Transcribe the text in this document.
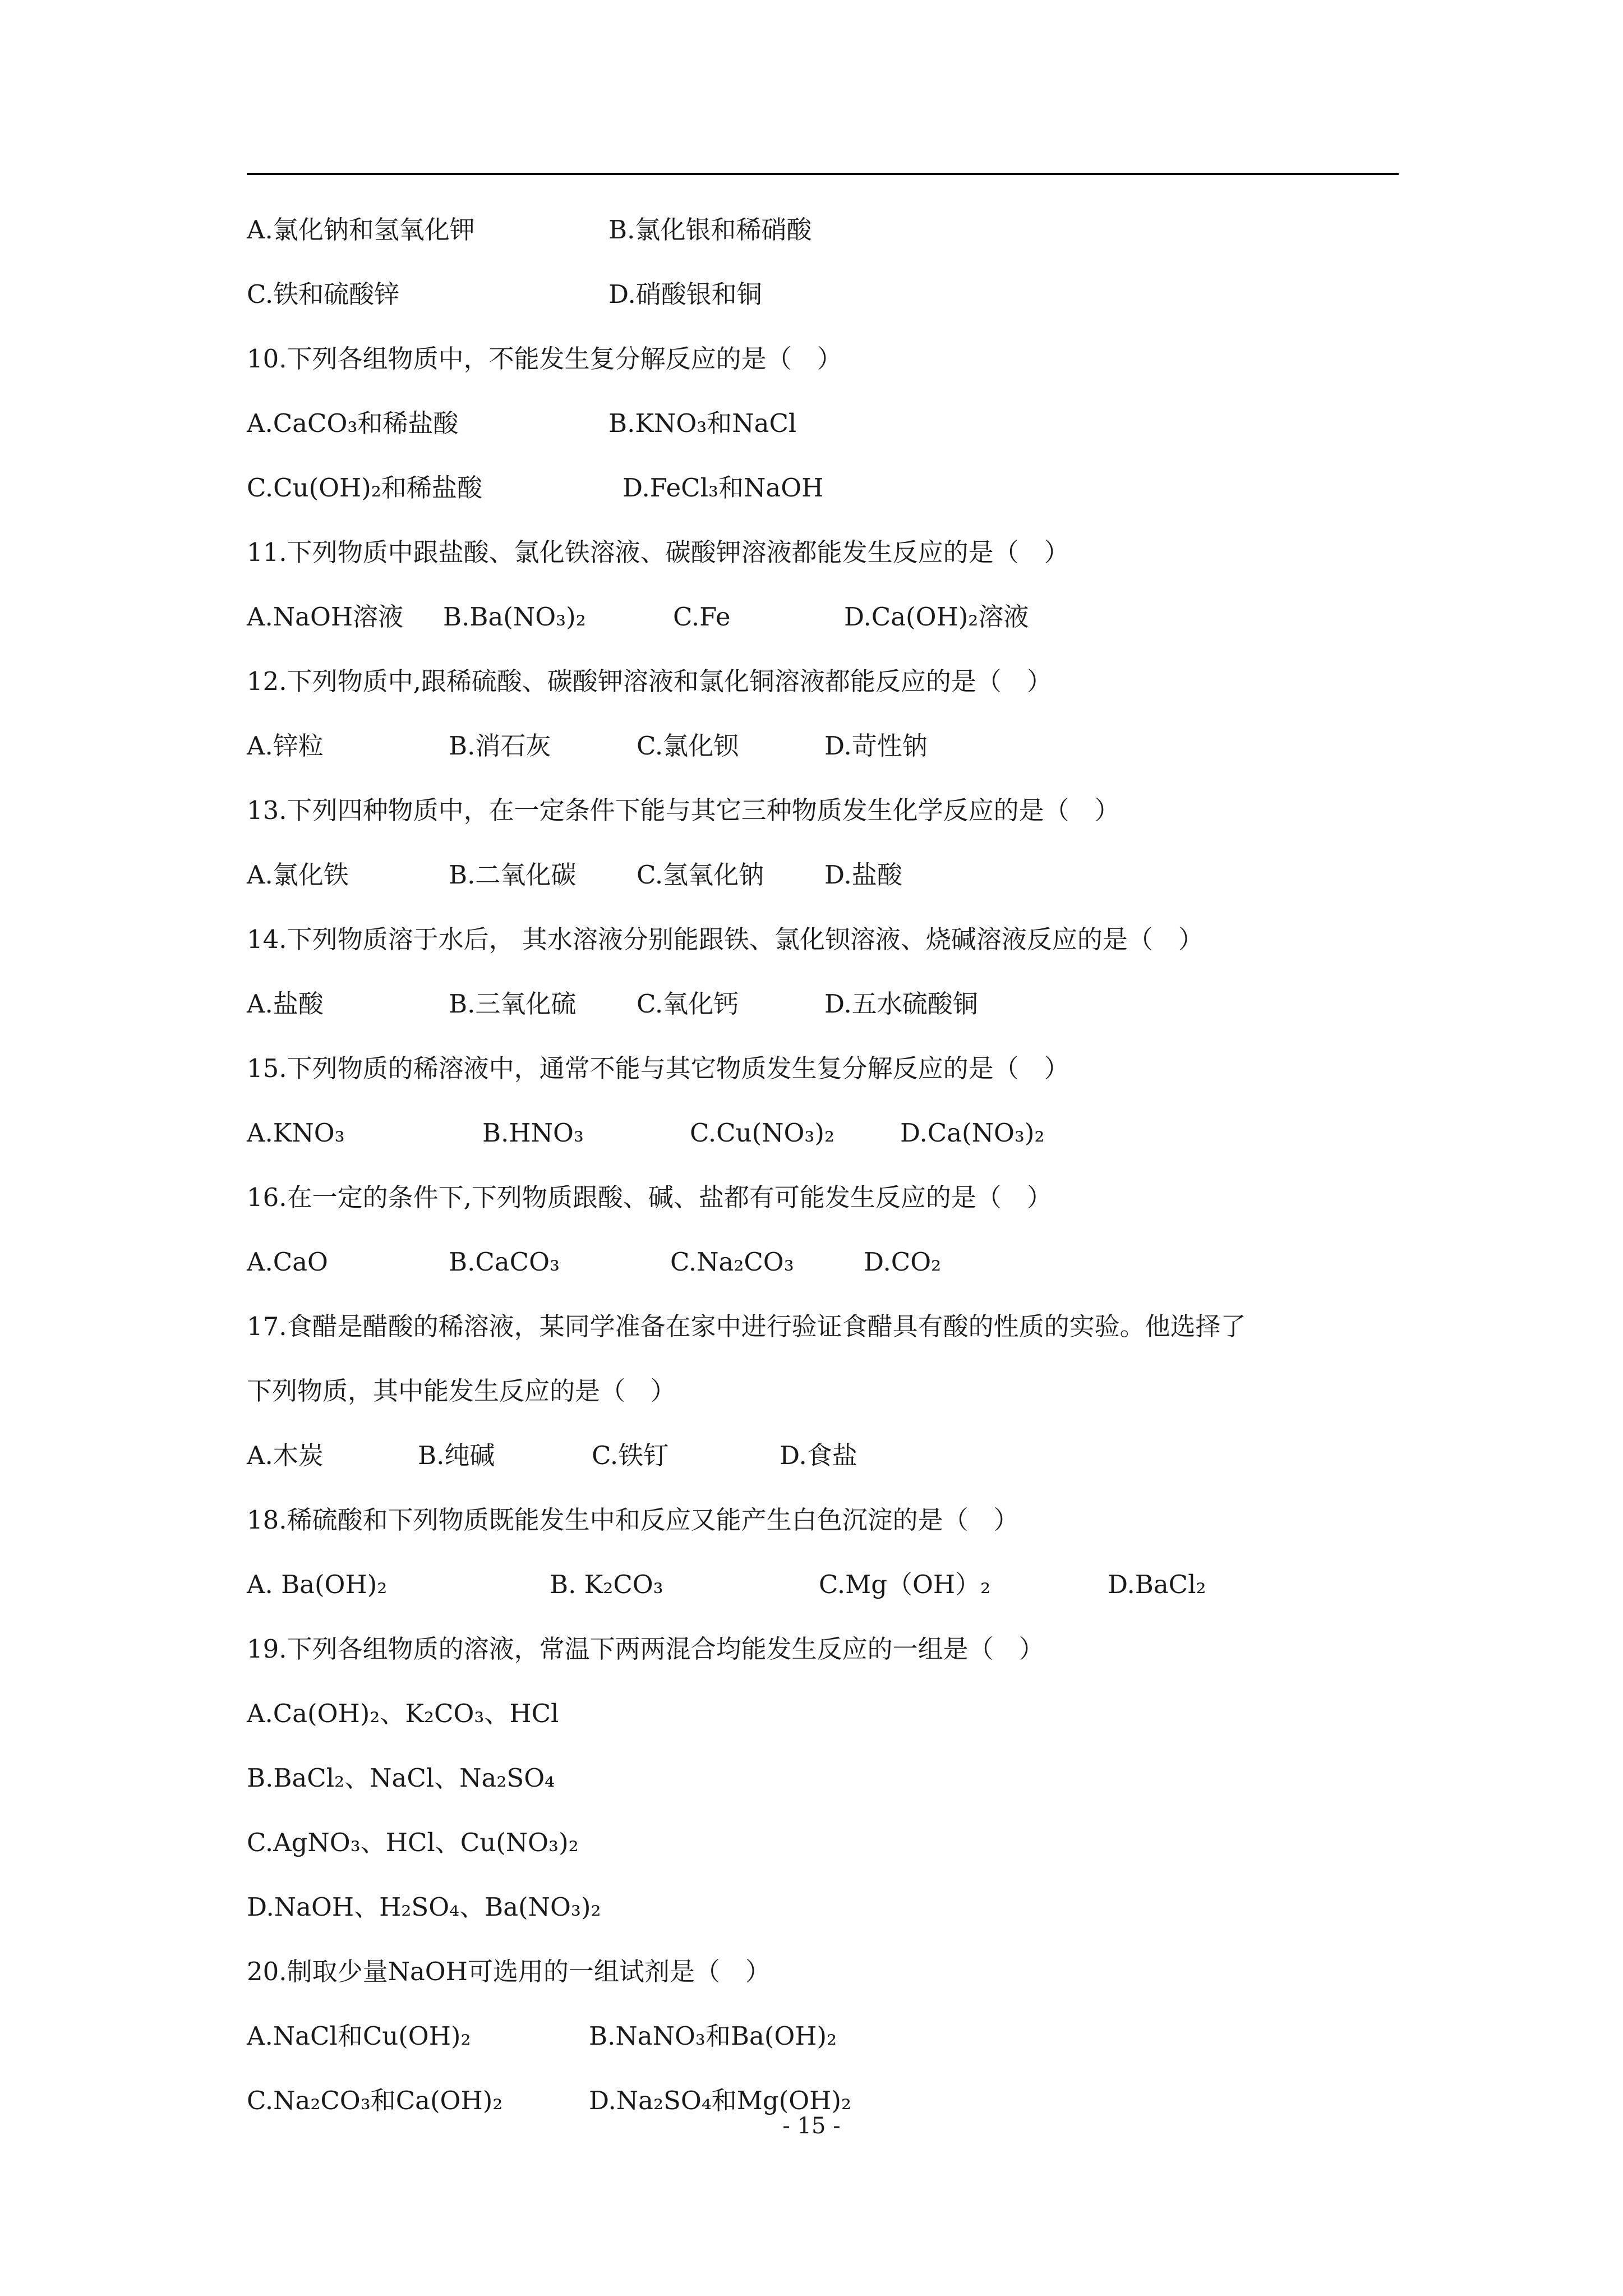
A.氯化钠和氢氧化钾	B.氯化银和稀硝酸
C.铁和硫酸锌	D.硝酸银和铜

10.下列各组物质中，不能发生复分解反应的是（　）

A.CaCO₃和稀盐酸	B.KNO₃和NaCl
C.Cu(OH)₂和稀盐酸	D.FeCl₃和NaOH

11.下列物质中跟盐酸、氯化铁溶液、碳酸钾溶液都能发生反应的是（　）

A.NaOH溶液 B.Ba(NO₃)₂	C.Fe	D.Ca(OH)₂溶液

12.下列物质中,跟稀硫酸、碳酸钾溶液和氯化铜溶液都能反应的是（　）

A.锌粒	B.消石灰	C.氯化钡	D.苛性钠

13.下列四种物质中，在一定条件下能与其它三种物质发生化学反应的是（　）

A.氯化铁	B.二氧化碳 C.氢氧化钠 D.盐酸

14.下列物质溶于水后， 其水溶液分别能跟铁、氯化钡溶液、烧碱溶液反应的是（　）

A.盐酸	B.三氧化硫 C.氧化钙	D.五水硫酸铜

15.下列物质的稀溶液中，通常不能与其它物质发生复分解反应的是（　）

A.KNO₃	B.HNO₃	C.Cu(NO₃)₂	D.Ca(NO₃)₂

16.在一定的条件下,下列物质跟酸、碱、盐都有可能发生反应的是（　）

A.CaO	B.CaCO₃	C.Na₂CO₃	D.CO₂

17.食醋是醋酸的稀溶液，某同学准备在家中进行验证食醋具有酸的性质的实验。他选择了

下列物质，其中能发生反应的是（　）

A.木炭	B.纯碱	C.铁钉	D.食盐

18.稀硫酸和下列物质既能发生中和反应又能产生白色沉淀的是（　）

A. Ba(OH)₂	B. K₂CO₃	C.Mg（OH）₂	D.BaCl₂

19.下列各组物质的溶液，常温下两两混合均能发生反应的一组是（　）

A.Ca(OH)₂、K₂CO₃、HCl

B.BaCl₂、NaCl、Na₂SO₄

C.AgNO₃、HCl、Cu(NO₃)₂

D.NaOH、H₂SO₄、Ba(NO₃)₂

20.制取少量NaOH可选用的一组试剂是（　）

A.NaCl和Cu(OH)₂	B.NaNO₃和Ba(OH)₂
C.Na₂CO₃和Ca(OH)₂	D.Na₂SO₄和Mg(OH)₂
- 15 -
